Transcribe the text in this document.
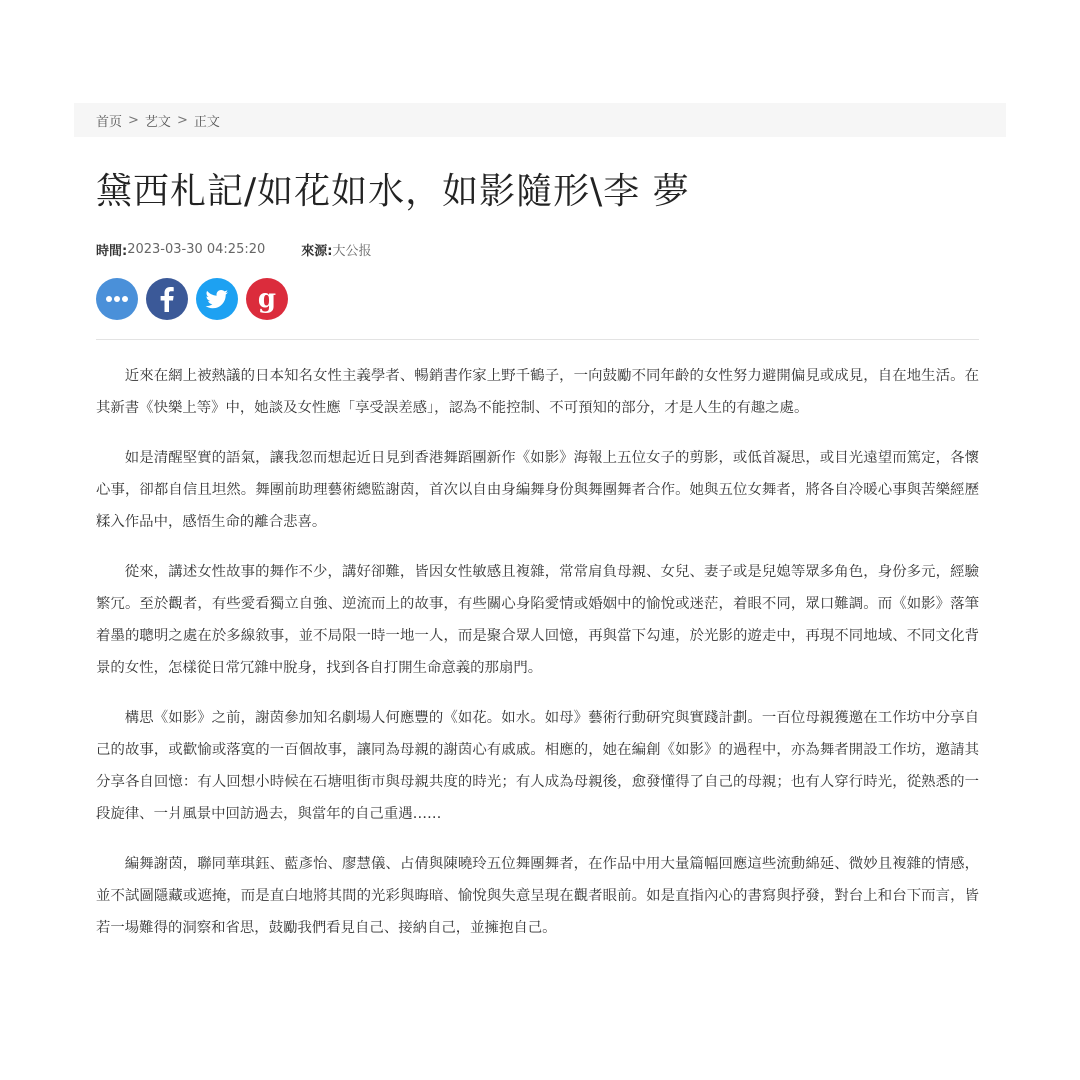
首页 > 艺文 > 正文
黛西札記/如花如水，如影隨形\李 夢
時間: 2023-03-30 04:25:20	來源: 大公报
g

近來在網上被熱議的日本知名女性主義學者、暢銷書作家上野千鶴子，一向鼓勵不同年齡的女性努力避開偏見或成見，自在地生活。在其新書《快樂上等》中，她談及女性應「享受誤差感」，認為不能控制、不可預知的部分，才是人生的有趣之處。

如是清醒堅實的語氣，讓我忽而想起近日見到香港舞蹈團新作《如影》海報上五位女子的剪影，或低首凝思，或目光遠望而篤定，各懷心事，卻都自信且坦然。舞團前助理藝術總監謝茵，首次以自由身編舞身份與舞團舞者合作。她與五位女舞者，將各自冷暖心事與苦樂經歷糅入作品中，感悟生命的離合悲喜。

從來，講述女性故事的舞作不少，講好卻難，皆因女性敏感且複雜，常常肩負母親、女兒、妻子或是兒媳等眾多角色，身份多元，經驗繁冗。至於觀者，有些愛看獨立自強、逆流而上的故事，有些關心身陷愛情或婚姻中的愉悅或迷茫，着眼不同，眾口難調。而《如影》落筆着墨的聰明之處在於多線敘事，並不局限一時一地一人，而是聚合眾人回憶，再與當下勾連，於光影的遊走中，再現不同地域、不同文化背景的女性，怎樣從日常冗雜中脫身，找到各自打開生命意義的那扇門。

構思《如影》之前，謝茵參加知名劇場人何應豐的《如花。如水。如母》藝術行動研究與實踐計劃。一百位母親獲邀在工作坊中分享自己的故事，或歡愉或落寞的一百個故事，讓同為母親的謝茵心有戚戚。相應的，她在編創《如影》的過程中，亦為舞者開設工作坊，邀請其分享各自回憶：有人回想小時候在石塘咀街市與母親共度的時光；有人成為母親後，愈發懂得了自己的母親；也有人穿行時光，從熟悉的一段旋律、一爿風景中回訪過去，與當年的自己重遇……

編舞謝茵，聯同華琪鈺、藍彥怡、廖慧儀、占倩與陳曉玲五位舞團舞者，在作品中用大量篇幅回應這些流動綿延、微妙且複雜的情感，並不試圖隱藏或遮掩，而是直白地將其間的光彩與晦暗、愉悅與失意呈現在觀者眼前。如是直指內心的書寫與抒發，對台上和台下而言，皆若一場難得的洞察和省思，鼓勵我們看見自己、接納自己，並擁抱自己。
